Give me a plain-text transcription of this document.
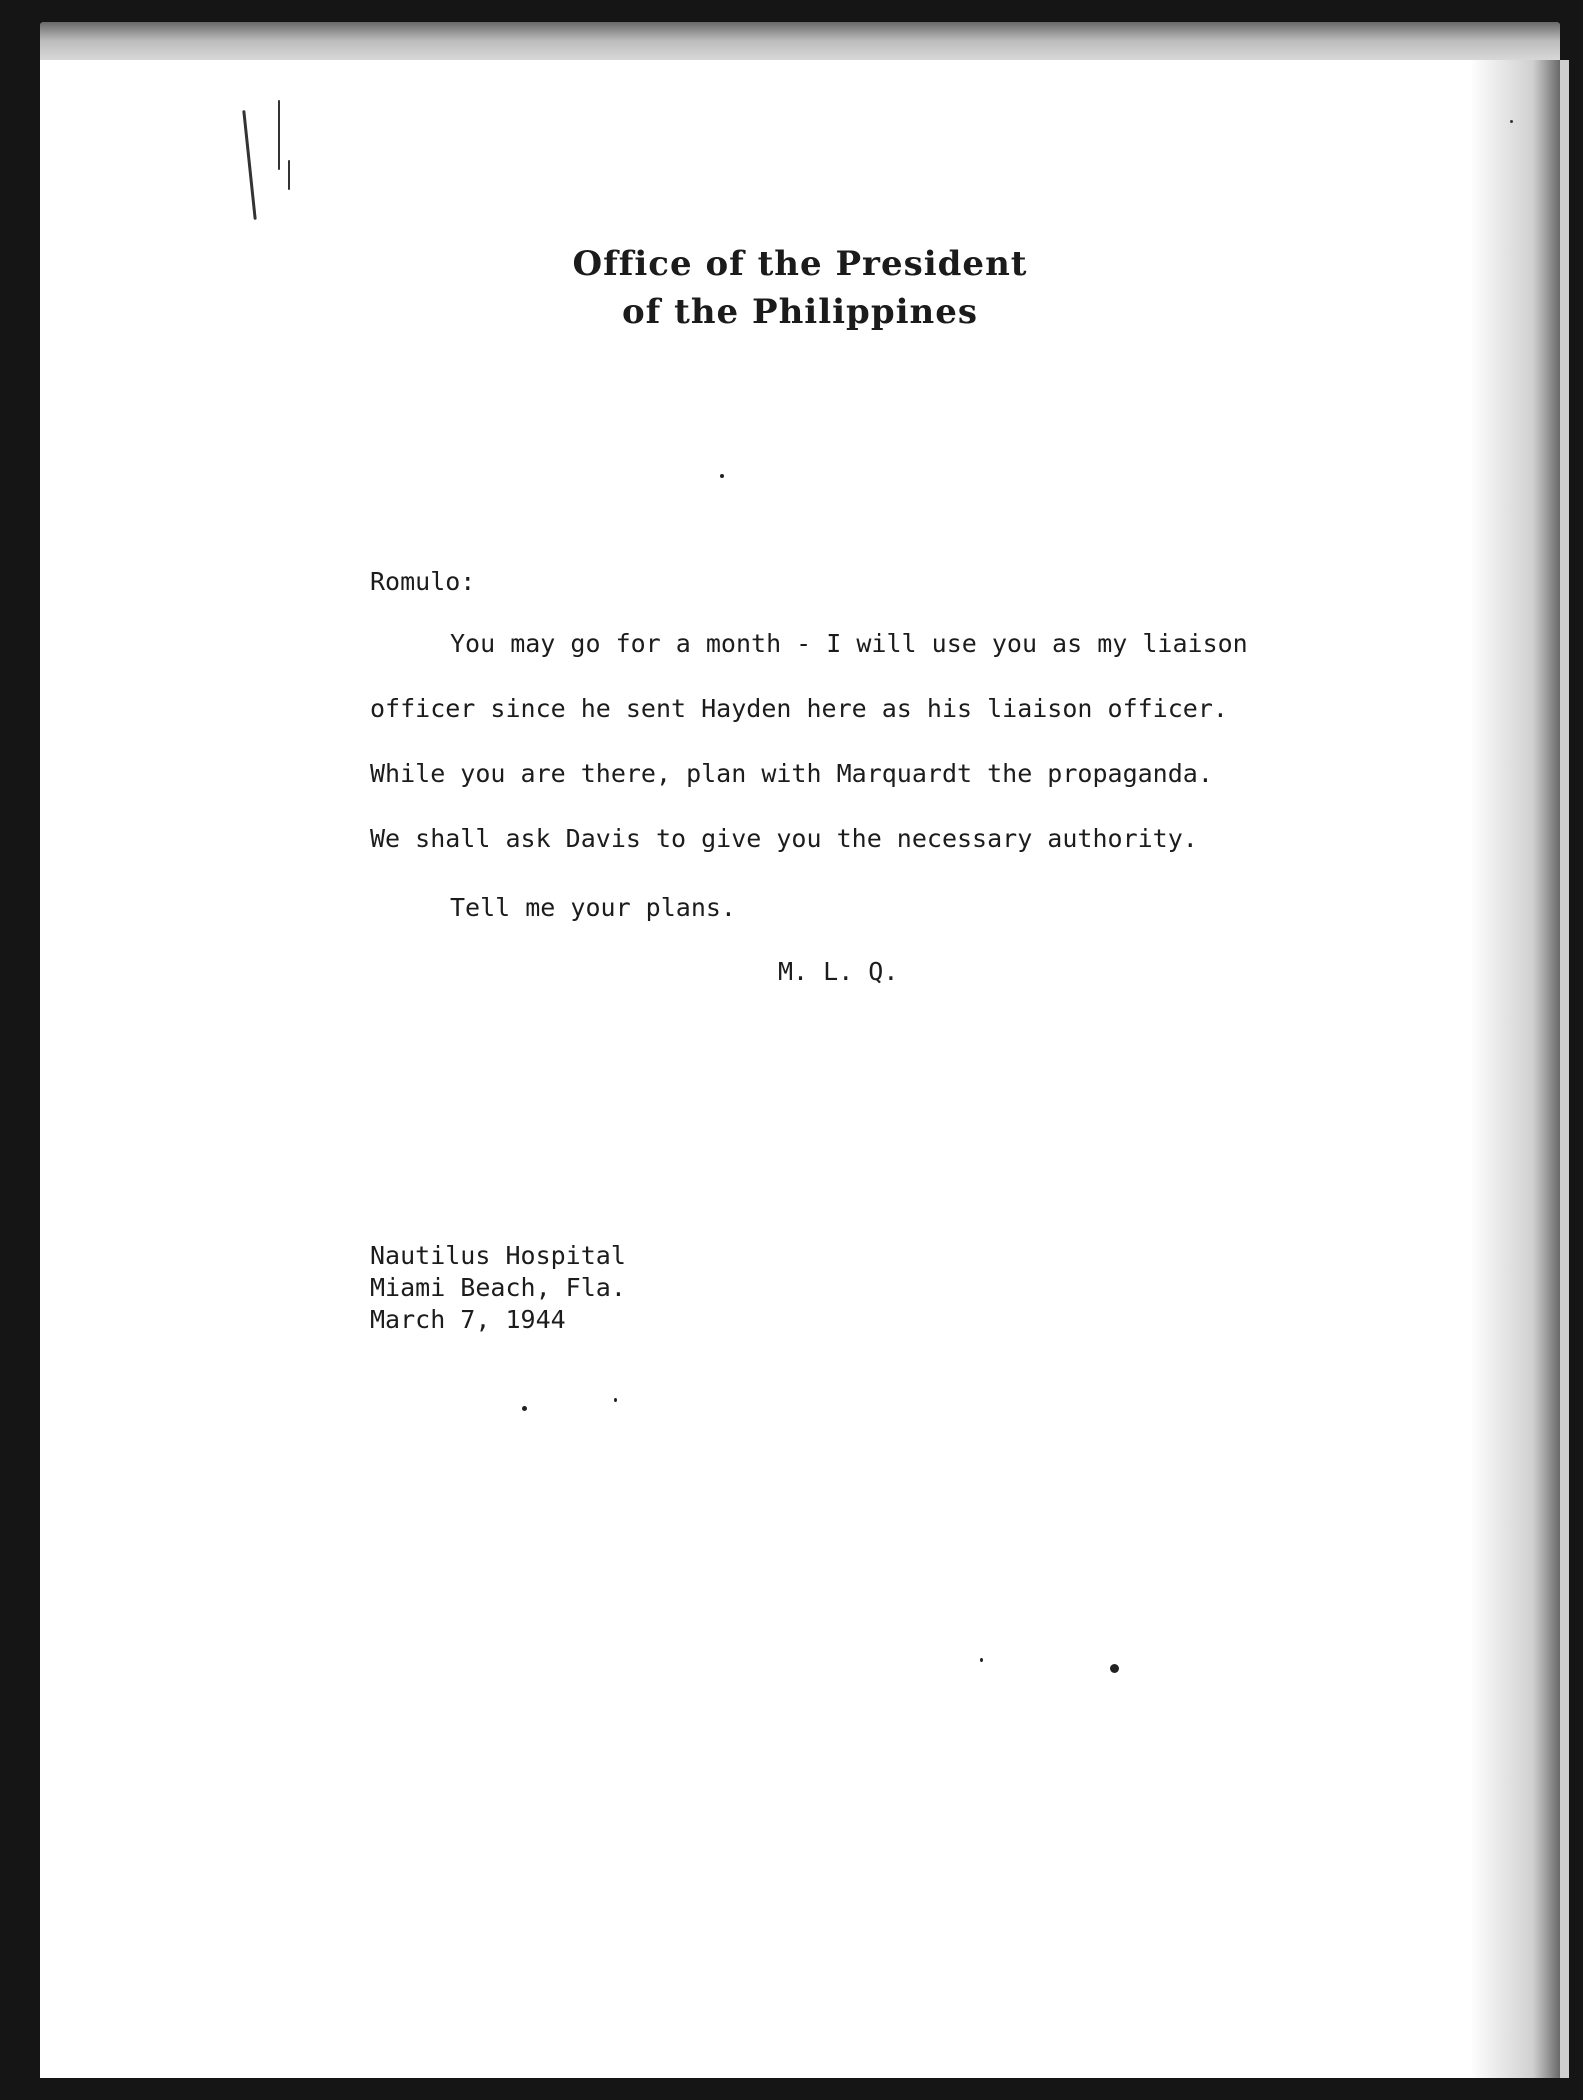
Office of the President
of the Philippines
Romulo:
You may go for a month - I will use you as my liaison
officer since he sent Hayden here as his liaison officer.
While you are there, plan with Marquardt the propaganda.
We shall ask Davis to give you the necessary authority.
Tell me your plans.
M. L. Q.
Nautilus Hospital
Miami Beach, Fla.
March 7, 1944
